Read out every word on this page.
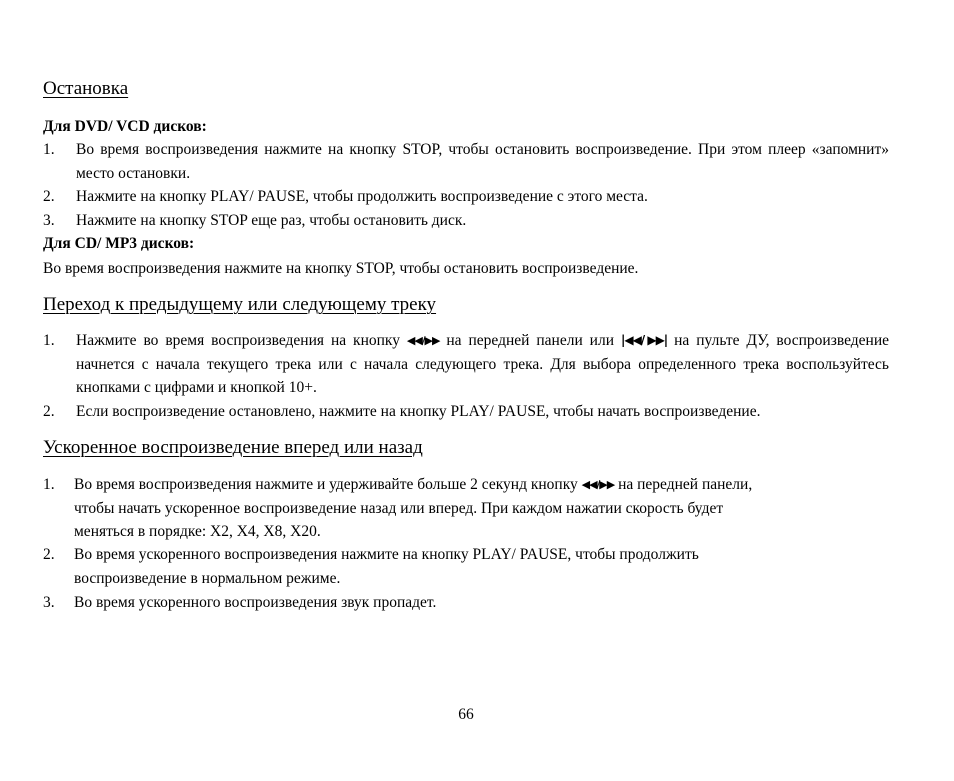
Остановка
Для DVD/ VCD дисков:
1.	Во время воспроизведения нажмите на кнопку STOP, чтобы остановить воспроизведение. При этом плеер «запомнит» место остановки.
2.	Нажмите на кнопку PLAY/ PAUSE, чтобы продолжить воспроизведение с этого места.
3.	Нажмите на кнопку STOP еще раз, чтобы остановить диск.
Для CD/ MP3 дисков:
Во время воспроизведения нажмите на кнопку STOP, чтобы остановить воспроизведение.
Переход к предыдущему или следующему треку
1.	Нажмите во время воспроизведения на кнопку ◀◀/▶▶ на передней панели или |◀◀/ ▶▶| на пульте ДУ, воспроизведение начнется с начала текущего трека или с начала следующего трека. Для выбора определенного трека воспользуйтесь кнопками с цифрами и кнопкой 10+.
2.	Если воспроизведение остановлено, нажмите на кнопку PLAY/ PAUSE, чтобы начать воспроизведение.
Ускоренное воспроизведение вперед или назад
1.	Во время воспроизведения нажмите и удерживайте больше 2 секунд кнопку ◀◀/▶▶ на передней панели,
чтобы начать ускоренное воспроизведение назад или вперед. При каждом нажатии скорость будет
меняться в порядке: X2, X4, X8, X20.
2.	Во время ускоренного воспроизведения нажмите на кнопку PLAY/ PAUSE, чтобы продолжить
воспроизведение в нормальном режиме.
3.	Во время ускоренного воспроизведения звук пропадет.
66
